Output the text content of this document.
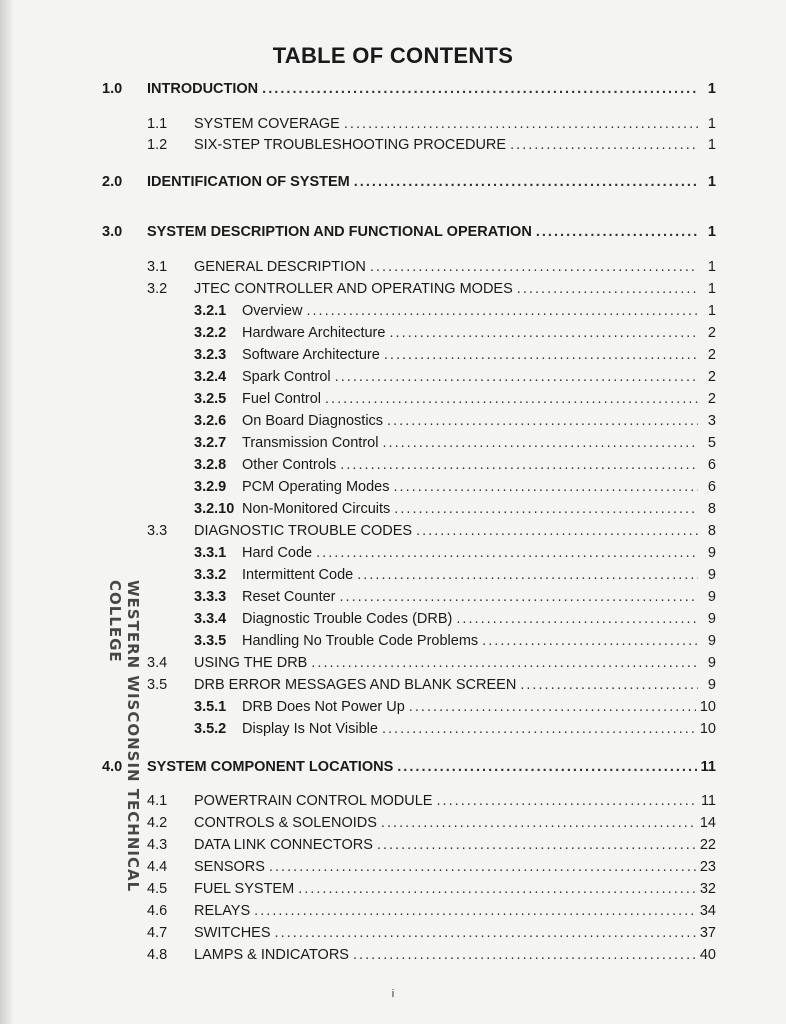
TABLE OF CONTENTS
1.0	INTRODUCTION . . .	1
1.1	SYSTEM COVERAGE . . .	1
1.2	SIX-STEP TROUBLESHOOTING PROCEDURE . . .	1
2.0	IDENTIFICATION OF SYSTEM . . .	1
3.0	SYSTEM DESCRIPTION AND FUNCTIONAL OPERATION . . .	1
3.1	GENERAL DESCRIPTION . . .	1
3.2	JTEC CONTROLLER AND OPERATING MODES . . .	1
3.2.1	Overview . . .	1
3.2.2	Hardware Architecture . . .	2
3.2.3	Software Architecture . . .	2
3.2.4	Spark Control . . .	2
3.2.5	Fuel Control . . .	2
3.2.6	On Board Diagnostics . . .	3
3.2.7	Transmission Control . . .	5
3.2.8	Other Controls . . .	6
3.2.9	PCM Operating Modes . . .	6
3.2.10 Non-Monitored Circuits . . .	8
3.3	DIAGNOSTIC TROUBLE CODES . . .	8
3.3.1	Hard Code . . .	9
3.3.2	Intermittent Code . . .	9
3.3.3	Reset Counter . . .	9
3.3.4	Diagnostic Trouble Codes (DRB) . . .	9
3.3.5	Handling No Trouble Code Problems . . .	9
3.4	USING THE DRB . . .	9
3.5	DRB ERROR MESSAGES AND BLANK SCREEN . . .	9
3.5.1	DRB Does Not Power Up . . .	10
3.5.2	Display Is Not Visible . . .	10
4.0	SYSTEM COMPONENT LOCATIONS . . .	11
4.1	POWERTRAIN CONTROL MODULE . . .	11
4.2	CONTROLS & SOLENOIDS . . .	14
4.3	DATA LINK CONNECTORS . . .	22
4.4	SENSORS . . .	23
4.5	FUEL SYSTEM . . .	32
4.6	RELAYS . . .	34
4.7	SWITCHES . . .	37
4.8	LAMPS & INDICATORS . . .	40
WESTERN WISCONSIN TECHNICAL COLLEGE
i
